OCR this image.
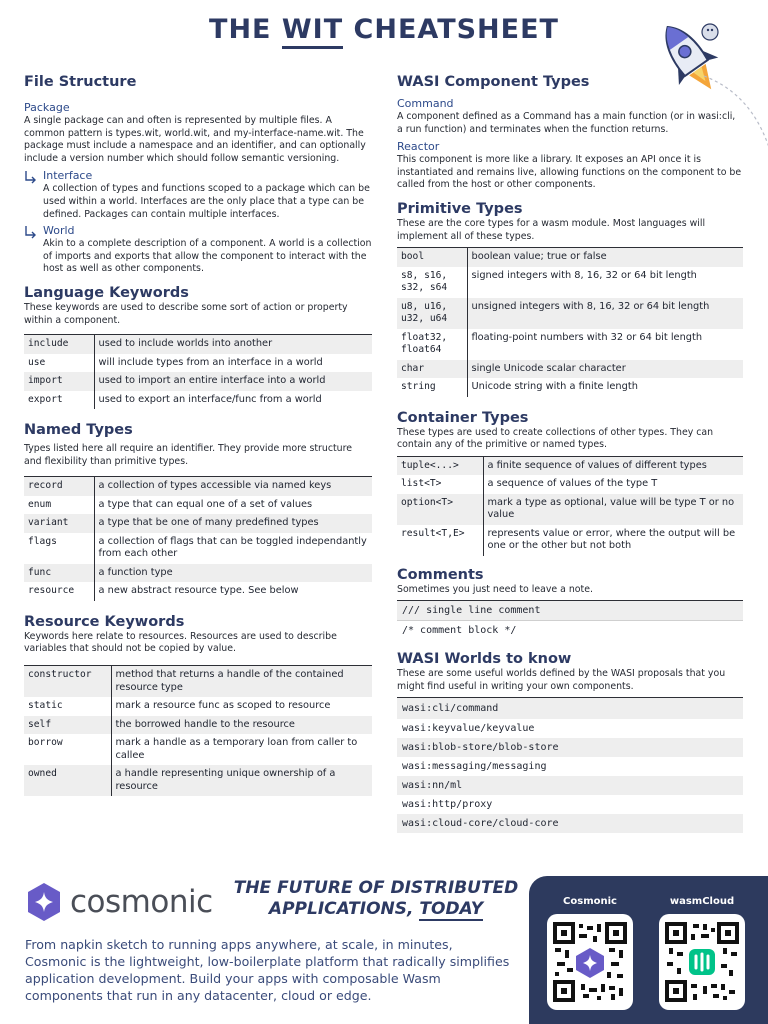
THE WIT CHEATSHEET
File Structure
Package

A single package can and often is represented by multiple files. A common pattern is types.wit, world.wit, and my-interface-name.wit. The package must include a namespace and an identifier, and can optionally include a version number which should follow semantic versioning.

Interface

A collection of types and functions scoped to a package which can be used within a world. Interfaces are the only place that a type can be defined. Packages can contain multiple interfaces.

World

Akin to a complete description of a component. A world is a collection of imports and exports that allow the component to interact with the host as well as other components.

Language Keywords

These keywords are used to describe some sort of action or property within a component.

include	used to include worlds into another
use	will include types from an interface in a world
import	used to import an entire interface into a world
export	used to export an interface/func from a world
Named Types

Types listed here all require an identifier. They provide more structure and flexibility than primitive types.

record	a collection of types accessible via named keys
enum	a type that can equal one of a set of values
variant	a type that be one of many predefined types
flags	a collection of flags that can be toggled independantly from each other
func	a function type
resource	a new abstract resource type. See below
Resource Keywords

Keywords here relate to resources. Resources are used to describe variables that should not be copied by value.

constructor	method that returns a handle of the contained resource type
static	mark a resource func as scoped to resource
self	the borrowed handle to the resource
borrow	mark a handle as a temporary loan from caller to callee
owned	a handle representing unique ownership of a resource
WASI Component Types
Command

A component defined as a Command has a main function (or in wasi:cli, a run function) and terminates when the function returns.

Reactor

This component is more like a library. It exposes an API once it is instantiated and remains live, allowing functions on the component to be called from the host or other components.

Primitive Types

These are the core types for a wasm module. Most languages will implement all of these types.

bool	boolean value; true or false
s8, s16,
s32, s64	signed integers with 8, 16, 32 or 64 bit length
u8, u16,
u32, u64	unsigned integers with 8, 16, 32 or 64 bit length
float32,
float64	floating-point numbers with 32 or 64 bit length
char	single Unicode scalar character
string	Unicode string with a finite length
Container Types

These types are used to create collections of other types. They can contain any of the primitive or named types.

tuple<...>	a finite sequence of values of different types
list<T>	a sequence of values of the type T
option<T>	mark a type as optional, value will be type T or no value
result<T,E>	represents value or error, where the output will be one or the other but not both
Comments

Sometimes you just need to leave a note.

/// single line comment
/* comment block */
WASI Worlds to know

These are some useful worlds defined by the WASI proposals that you might find useful in writing your own components.

wasi:cli/command
wasi:keyvalue/keyvalue
wasi:blob-store/blob-store
wasi:messaging/messaging
wasi:nn/ml
wasi:http/proxy
wasi:cloud-core/cloud-core
cosmonic	THE FUTURE OF DISTRIBUTED
APPLICATIONS, TODAY

From napkin sketch to running apps anywhere, at scale, in minutes, Cosmonic is the lightweight, low-boilerplate platform that radically simplifies application development. Build your apps with composable Wasm components that run in any datacenter, cloud or edge.

Cosmonic	wasmCloud
